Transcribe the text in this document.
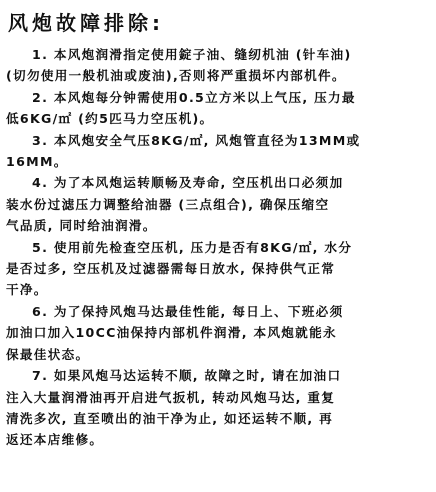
风炮故障排除:
1. 本风炮润滑指定使用錠子油、缝纫机油 (针车油)
(切勿使用一般机油或废油),否则将严重损坏内部机件。
2. 本风炮每分钟需使用0.5立方米以上气压, 压力最
低6KG/㎡ (约5匹马力空压机)。
3. 本风炮安全气压8KG/㎡, 风炮管直径为13MM或
16MM。
4. 为了本风炮运转顺畅及寿命, 空压机出口必须加
装水份过滤压力调整给油器 (三点组合), 确保压缩空
气品质, 同时给油润滑。
5. 使用前先检查空压机, 压力是否有8KG/㎡, 水分
是否过多, 空压机及过滤器需每日放水, 保持供气正常
干净。
6. 为了保持风炮马达最佳性能, 每日上、下班必须
加油口加入10CC油保持内部机件润滑, 本风炮就能永
保最佳状态。
7. 如果风炮马达运转不顺, 故障之时, 请在加油口
注入大量润滑油再开启进气扳机, 转动风炮马达, 重复
清洗多次, 直至喷出的油干净为止, 如还运转不顺, 再
返还本店维修。
